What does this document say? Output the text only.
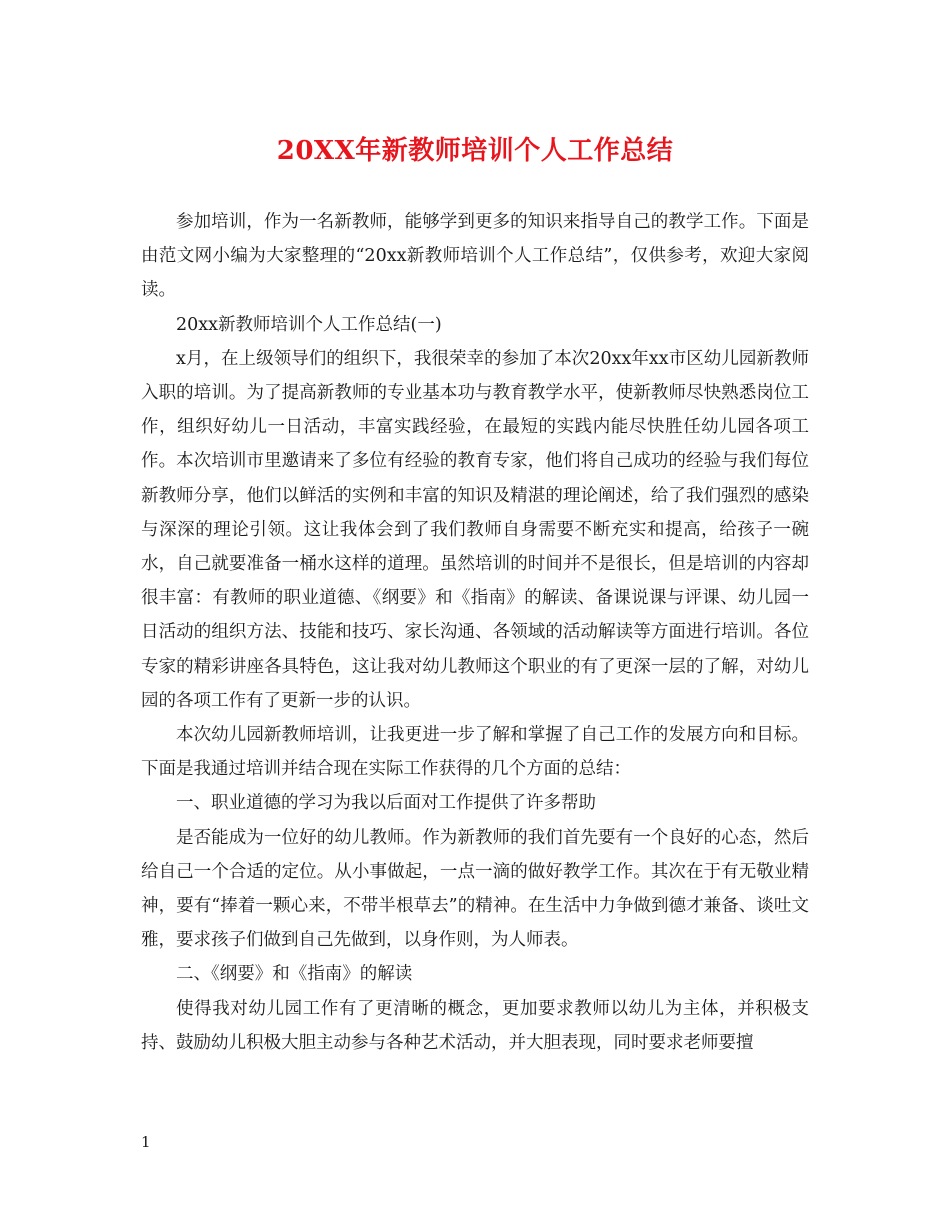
20XX年新教师培训个人工作总结

参加培训，作为一名新教师，能够学到更多的知识来指导自己的教学工作。下面是由范文网小编为大家整理的“20xx新教师培训个人工作总结”，仅供参考，欢迎大家阅读。

20xx新教师培训个人工作总结(一)

x月，在上级领导们的组织下，我很荣幸的参加了本次20xx年xx市区幼儿园新教师入职的培训。为了提高新教师的专业基本功与教育教学水平，使新教师尽快熟悉岗位工作，组织好幼儿一日活动，丰富实践经验，在最短的实践内能尽快胜任幼儿园各项工作。本次培训市里邀请来了多位有经验的教育专家，他们将自己成功的经验与我们每位新教师分享，他们以鲜活的实例和丰富的知识及精湛的理论阐述，给了我们强烈的感染与深深的理论引领。这让我体会到了我们教师自身需要不断充实和提高，给孩子一碗水，自己就要准备一桶水这样的道理。虽然培训的时间并不是很长，但是培训的内容却很丰富：有教师的职业道德、《纲要》和《指南》的解读、备课说课与评课、幼儿园一日活动的组织方法、技能和技巧、家长沟通、各领域的活动解读等方面进行培训。各位专家的精彩讲座各具特色，这让我对幼儿教师这个职业的有了更深一层的了解，对幼儿园的各项工作有了更新一步的认识。

本次幼儿园新教师培训，让我更进一步了解和掌握了自己工作的发展方向和目标。下面是我通过培训并结合现在实际工作获得的几个方面的总结：

一、职业道德的学习为我以后面对工作提供了许多帮助

是否能成为一位好的幼儿教师。作为新教师的我们首先要有一个良好的心态，然后给自己一个合适的定位。从小事做起，一点一滴的做好教学工作。其次在于有无敬业精神，要有“捧着一颗心来，不带半根草去”的精神。在生活中力争做到德才兼备、谈吐文雅，要求孩子们做到自己先做到，以身作则，为人师表。

二、《纲要》和《指南》的解读

使得我对幼儿园工作有了更清晰的概念，更加要求教师以幼儿为主体，并积极支持、鼓励幼儿积极大胆主动参与各种艺术活动，并大胆表现，同时要求老师要擅

1
